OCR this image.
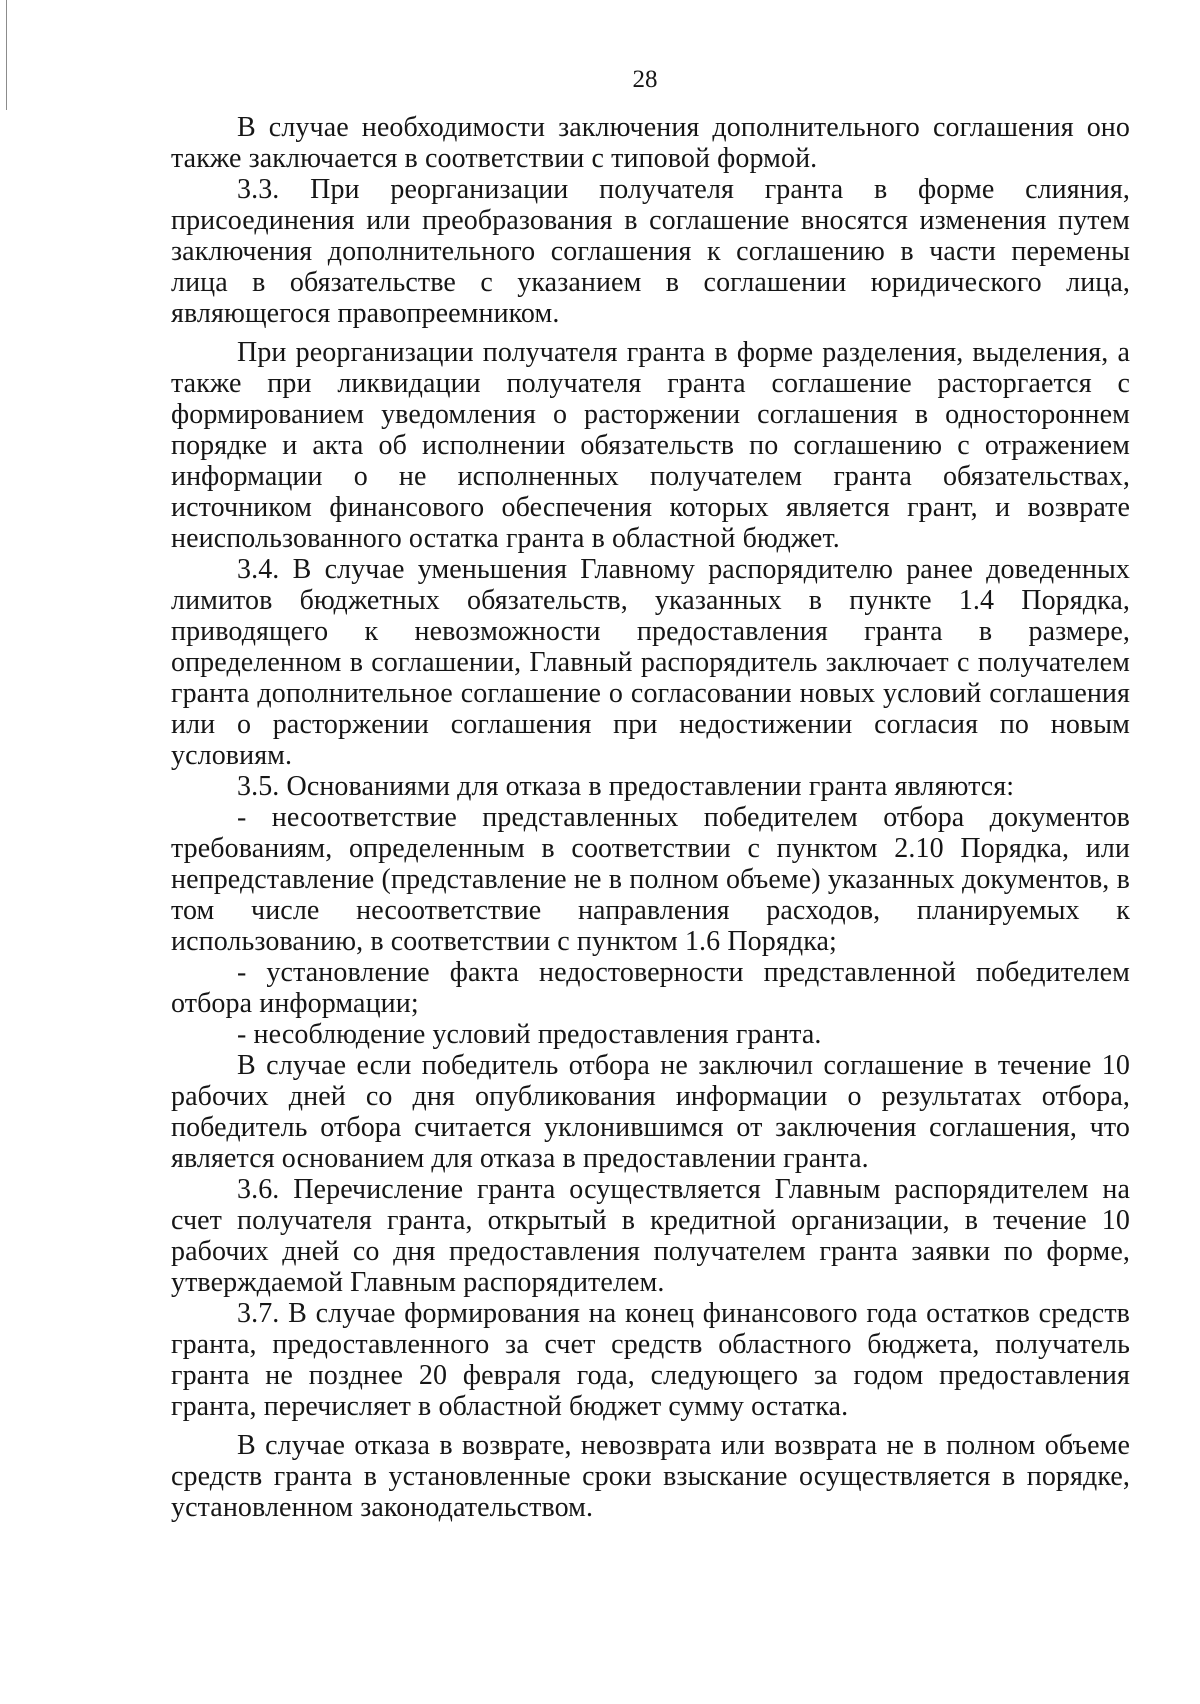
28

В случае необходимости заключения дополнительного соглашения оно также заключается в соответствии с типовой формой.

3.3. При реорганизации получателя гранта в форме слияния, присоединения или преобразования в соглашение вносятся изменения путем заключения дополнительного соглашения к соглашению в части перемены лица в обязательстве с указанием в соглашении юридического лица, являющегося правопреемником.

При реорганизации получателя гранта в форме разделения, выделения, а также при ликвидации получателя гранта соглашение расторгается с формированием уведомления о расторжении соглашения в одностороннем порядке и акта об исполнении обязательств по соглашению с отражением информации о не исполненных получателем гранта обязательствах, источником финансового обеспечения которых является грант, и возврате неиспользованного остатка гранта в областной бюджет.

3.4. В случае уменьшения Главному распорядителю ранее доведенных лимитов бюджетных обязательств, указанных в пункте 1.4 Порядка, приводящего к невозможности предоставления гранта в размере, определенном в соглашении, Главный распорядитель заключает с получателем гранта дополнительное соглашение о согласовании новых условий соглашения или о расторжении соглашения при недостижении согласия по новым условиям.

3.5. Основаниями для отказа в предоставлении гранта являются:

- несоответствие представленных победителем отбора документов требованиям, определенным в соответствии с пунктом 2.10 Порядка, или непредставление (представление не в полном объеме) указанных документов, в том числе несоответствие направления расходов, планируемых к использованию, в соответствии с пунктом 1.6 Порядка;

- установление факта недостоверности представленной победителем отбора информации;

- несоблюдение условий предоставления гранта.

В случае если победитель отбора не заключил соглашение в течение 10 рабочих дней со дня опубликования информации о результатах отбора, победитель отбора считается уклонившимся от заключения соглашения, что является основанием для отказа в предоставлении гранта.

3.6. Перечисление гранта осуществляется Главным распорядителем на счет получателя гранта, открытый в кредитной организации, в течение 10 рабочих дней со дня предоставления получателем гранта заявки по форме, утверждаемой Главным распорядителем.

3.7. В случае формирования на конец финансового года остатков средств гранта, предоставленного за счет средств областного бюджета, получатель гранта не позднее 20 февраля года, следующего за годом предоставления гранта, перечисляет в областной бюджет сумму остатка.

В случае отказа в возврате, невозврата или возврата не в полном объеме средств гранта в установленные сроки взыскание осуществляется в порядке, установленном законодательством.
